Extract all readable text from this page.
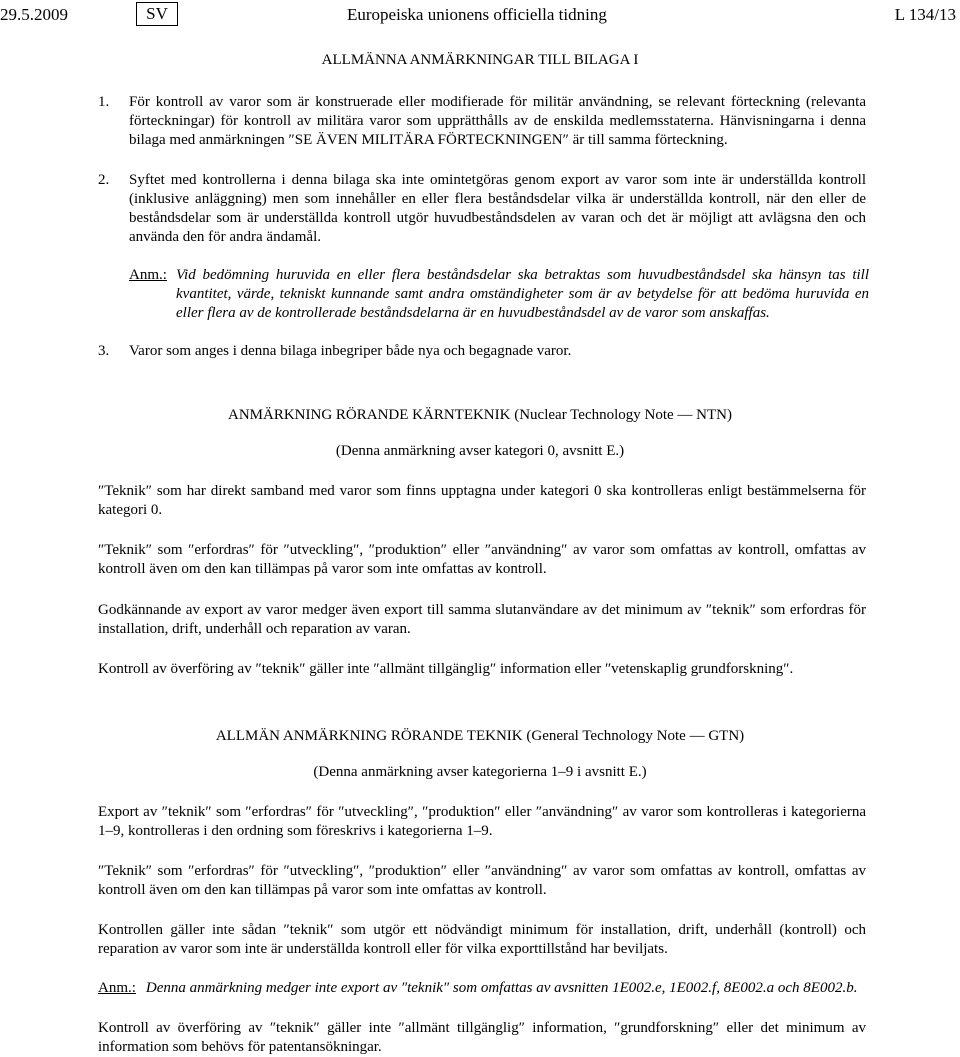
29.5.2009	SV	Europeiska unionens officiella tidning	L 134/13
ALLMÄNNA ANMÄRKNINGAR TILL BILAGA I
1. För kontroll av varor som är konstruerade eller modifierade för militär användning, se relevant förteckning (relevanta förteckningar) för kontroll av militära varor som upprätthålls av de enskilda medlemsstaterna. Hänvisningarna i denna bilaga med anmärkningen ″SE ÄVEN MILITÄRA FÖRTECKNINGEN″ är till samma förteckning.
2. Syftet med kontrollerna i denna bilaga ska inte omintetgöras genom export av varor som inte är underställda kontroll (inklusive anläggning) men som innehåller en eller flera beståndsdelar vilka är underställda kontroll, när den eller de beståndsdelar som är underställda kontroll utgör huvudbeståndsdelen av varan och det är möjligt att avlägsna den och använda den för andra ändamål.
Anm.: Vid bedömning huruvida en eller flera beståndsdelar ska betraktas som huvudbeståndsdel ska hänsyn tas till kvantitet, värde, tekniskt kunnande samt andra omständigheter som är av betydelse för att bedöma huruvida en eller flera av de kontrollerade beståndsdelarna är en huvudbeståndsdel av de varor som anskaffas.
3. Varor som anges i denna bilaga inbegriper både nya och begagnade varor.
ANMÄRKNING RÖRANDE KÄRNTEKNIK (Nuclear Technology Note — NTN)
(Denna anmärkning avser kategori 0, avsnitt E.)

″Teknik″ som har direkt samband med varor som finns upptagna under kategori 0 ska kontrolleras enligt bestämmelserna för kategori 0.

″Teknik″ som ″erfordras″ för ″utveckling″, ″produktion″ eller ″användning″ av varor som omfattas av kontroll, omfattas av kontroll även om den kan tillämpas på varor som inte omfattas av kontroll.

Godkännande av export av varor medger även export till samma slutanvändare av det minimum av ″teknik″ som erfordras för installation, drift, underhåll och reparation av varan.

Kontroll av överföring av ″teknik″ gäller inte ″allmänt tillgänglig″ information eller ″vetenskaplig grundforskning″.

ALLMÄN ANMÄRKNING RÖRANDE TEKNIK (General Technology Note — GTN)
(Denna anmärkning avser kategorierna 1–9 i avsnitt E.)

Export av ″teknik″ som ″erfordras″ för ″utveckling″, ″produktion″ eller ″användning″ av varor som kontrolleras i kategorierna 1–9, kontrolleras i den ordning som föreskrivs i kategorierna 1–9.

″Teknik″ som ″erfordras″ för ″utveckling″, ″produktion″ eller ″användning″ av varor som omfattas av kontroll, omfattas av kontroll även om den kan tillämpas på varor som inte omfattas av kontroll.

Kontrollen gäller inte sådan ″teknik″ som utgör ett nödvändigt minimum för installation, drift, underhåll (kontroll) och reparation av varor som inte är underställda kontroll eller för vilka exporttillstånd har beviljats.

Anm.: Denna anmärkning medger inte export av ″teknik″ som omfattas av avsnitten 1E002.e, 1E002.f, 8E002.a och 8E002.b.

Kontroll av överföring av ″teknik″ gäller inte ″allmänt tillgänglig″ information, ″grundforskning″ eller det minimum av information som behövs för patentansökningar.
